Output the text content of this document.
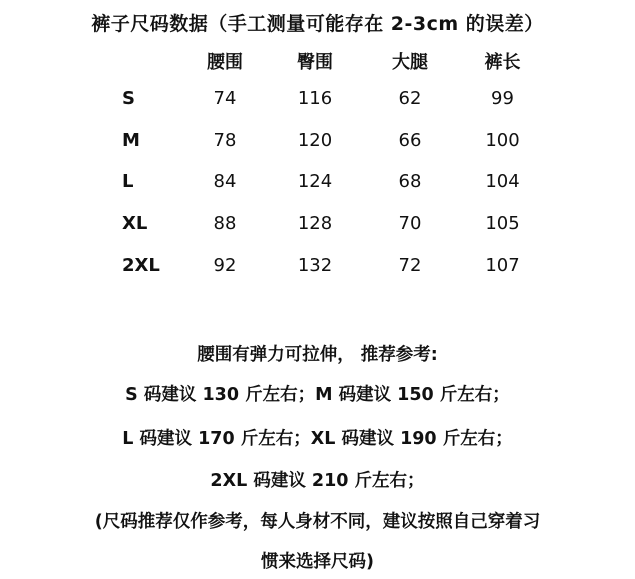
裤子尺码数据（手工测量可能存在 2-3cm 的误差）
	腰围	臀围	大腿	裤长
S	74	116	62	99
M	78	120	66	100
L	84	124	68	104
XL	88	128	70	105
2XL	92	132	72	107
腰围有弹力可拉伸， 推荐参考:
S 码建议 130 斤左右；M 码建议 150 斤左右；
L 码建议 170 斤左右；XL 码建议 190 斤左右；
2XL 码建议 210 斤左右；
(尺码推荐仅作参考，每人身材不同，建议按照自己穿着习
惯来选择尺码)
